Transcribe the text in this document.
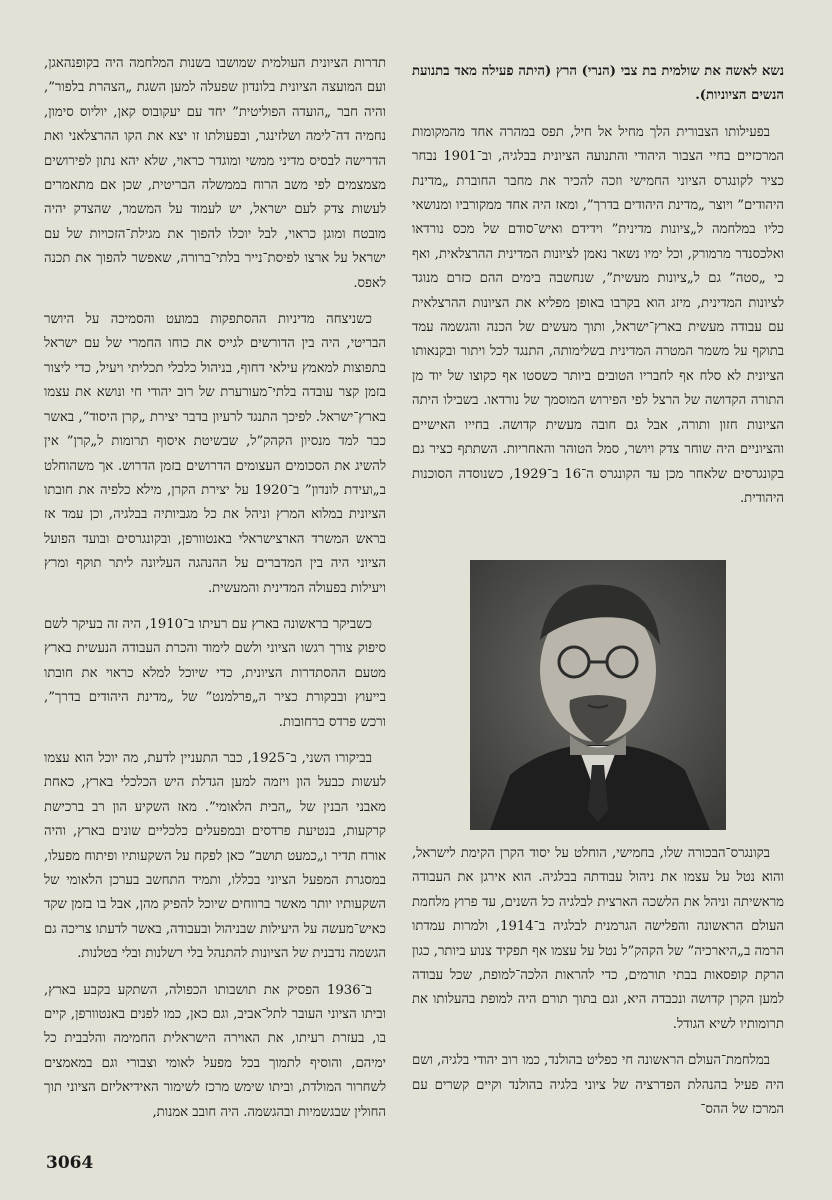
נשא לאשה את שולמית בת צבי (הנרי) הרץ (היתה פעילה מאד בתנועת הנשים הציוניות).

בפעילותו הצבורית הלך מחיל אל חיל, תפס במהרה אחד מהמקומות המרכזיים בחיי הצבור היהודי והתנועה הציונית בבלגיה, וב־1901 נבחר כציר לקונגרס הציוני החמישי וזכה להכיר את מחבר החוברת „מדינת היהודים” ויוצר „מדינת היהודים בדרך”, ומאז היה אחד ממקורביו ומנושאי כליו במלחמה ל„ציונות מדינית” וידידם ואיש־סודם של מכס נורדאו ואלכסנדר מרמורק, וכל ימיו נשאר נאמן לציונות המדינית ההרצלאית, ואף כי „סטה” גם ל„ציונות מעשית”, שנחשבה בימים ההם כזרם מנוגד לציונות המדינית, מיזג הוא בקרבו באופן מפליא את הציונות ההרצלאית עם עבודה מעשית בארץ־ישראל, ותוך מעשים של הכנה והגשמה עמד בתוקף על משמר המטרה המדינית בשלימותה, התנגד לכל ויתור ובקנאותו הציונית לא סלח אף לחבריו הטובים ביותר כשסטו אף כקוצו של יוד מן התורה הקדושה של הרצל לפי הפירוש המוסמך של נורדאו. בשבילו היתה הציונות חזון ותורה, אבל גם חובה מעשית קדושה. בחייו האישיים והציוניים היה שוחר צדק ויושר, סמל הטוהר והאחריות. השתתף כציר גם בקונגרסים שלאחר מכן עד הקונגרס ה־16 ב־1929, כשנוסדה הסוכנות היהודית.

בקונגרס־הבכורה שלו, בחמישי, הוחלט על יסוד הקרן הקימת לישראל, והוא נטל על עצמו את ניהול עבודתה בבלגיה. הוא אירגן את העבודה מראשיתה וניהל את הלשכה הארצית לבלגיה כל השנים, עד פרוץ מלחמת העולם הראשונה והפלישה הגרמנית לבלגיה ב־1914, ולמרות עמדתו הרמה ב„היארכיה” של הקהק”ל נטל על עצמו אף תפקיד צנוע ביותר, כגון הרקת קופסאות בבתי תורמים, כדי להראות הלכה־למופת, שכל עבודה למען הקרן קדושה ונכבדה היא, וגם בתוך תורם היה למופת בהעלותו את תרומותיו לשיא הגודל.

במלחמת־העולם הראשונה חי כפליט בהולנד, כמו רוב יהודי בלגיה, ושם היה פעיל בהנהלת הפדרציה של ציוני בלגיה בהולנד וקיים קשרים עם המרכז של ההס־

תדרות הציונית העולמית שמושבו בשנות המלחמה היה בקופנהאגן, ועם המועצה הציונית בלונדון שפעלה למען השגת „הצהרת בלפור”, והיה חבר „הועדה הפוליטית” יחד עם יעקובוס קאן, יוליוס סימון, נחמיה דה־לימה ושלזינגר, ובפעולתו זו יצא את הקו ההרצלאני ואת הדרישה לבסיס מדיני ממשי ומוגדר כראוי, שלא יהא נתון לפירושים מצמצמים לפי משב הרוח בממשלה הבריטית, שכן אם מתאמרים לעשות צדק לעם ישראל, יש לעמוד על המשמר, שהצדק יהיה מובטח ומוגן כראוי, לבל יוכלו להפוך את מגילת־הזכויות של עם ישראל על ארצו לפיסת־נייר בלתי־ברורה, שאפשר להפוך את תכנה לאפס.

כשניצחה מדיניות ההסתפקות במועט והסמיכה על היושר הבריטי, היה בין הדורשים לגייס את כוחו החמרי של עם ישראל בתפוצות למאמץ עילאי דחוף, בניהול כלכלי תכליתי ויעיל, כדי ליצור בזמן קצר עובדה בלתי־מעורערת של רוב יהודי חי ונושא את עצמו בארץ־ישראל. לפיכך התנגד לרעיון בדבר יצירת „קרן היסוד”, באשר כבר למד מנסיון הקהק”ל, שבשיטת איסוף תרומות ל„קרן” אין להשיג את הסכומים העצומים הדרושים בזמן הדרוש. אך משהוחלט ב„ועידת לונדון” ב־1920 על יצירת הקרן, מילא כלפיה את חובתו הציונית במלוא המרץ וניהל את כל מגביותיה בבלגיה, וכן עמד אז בראש המשרד הארצישראלי באנטוורפן, ובקונגרסים ובועד הפועל הציוני היה בין המדברים על ההנהגה העליונה ליתר תוקף ומרץ ויעילות בפעולה המדינית והמעשית.

כשביקר בראשונה בארץ עם רעיתו ב־1910, היה זה בעיקר לשם סיפוק צורך רגשו הציוני ולשם לימוד והכרת העבודה הנעשית בארץ מטעם ההסתדרות הציונית, כדי שיוכל למלא כראוי את חובתו בייעוץ ובבקורת כציר ה„פרלמנט” של „מדינת היהודים בדרך”, ורכש פרדס ברחובות.

בביקורו השני, ב־1925, כבר התעניין לדעת, מה יוכל הוא עצמו לעשות כבעל הון ויזמה למען הגדלת היש הכלכלי בארץ, כאחת מאבני הבנין של „הבית הלאומי”. מאז השקיע הון רב ברכישת קרקעות, בנטיעת פרדסים ובמפעלים כלכליים שונים בארץ, והיה אורח תדיר ו„כמעט תושב” כאן לפקח על השקעותיו ופיתוח מפעלו, במסגרת המפעל הציוני בכללו, ותמיד התחשב בערכן הלאומי של השקעותיו יותר מאשר ברווחים שיוכל להפיק מהן, אבל בו בזמן שקד כאיש־מעשה על היעילות שבניהול ובעבודה, באשר לדעתו צריכה גם הגשמה נדבנית של הציונות להתנהל בלי רשלנות ובלי בטלנות.

ב־1936 הפסיק את תושבותו הכפולה, השתקע בקבע בארץ, וביתו הציוני העובר לתל־אביב, וגם כאן, כמו לפנים באנטוורפן, קיים בו, בעזרת רעיתו, את האוירה הישראלית החמימה והלבבית כל ימיהם, והוסיף לתמוך בכל מפעל לאומי וצבורי וגם במאמצים לשחרור המולדת, וביתו שימש מרכז לשימור האידיאליזם הציוני תוך החולין שבגשמיות ובהגשמה. היה חובב אמנות,

3064
